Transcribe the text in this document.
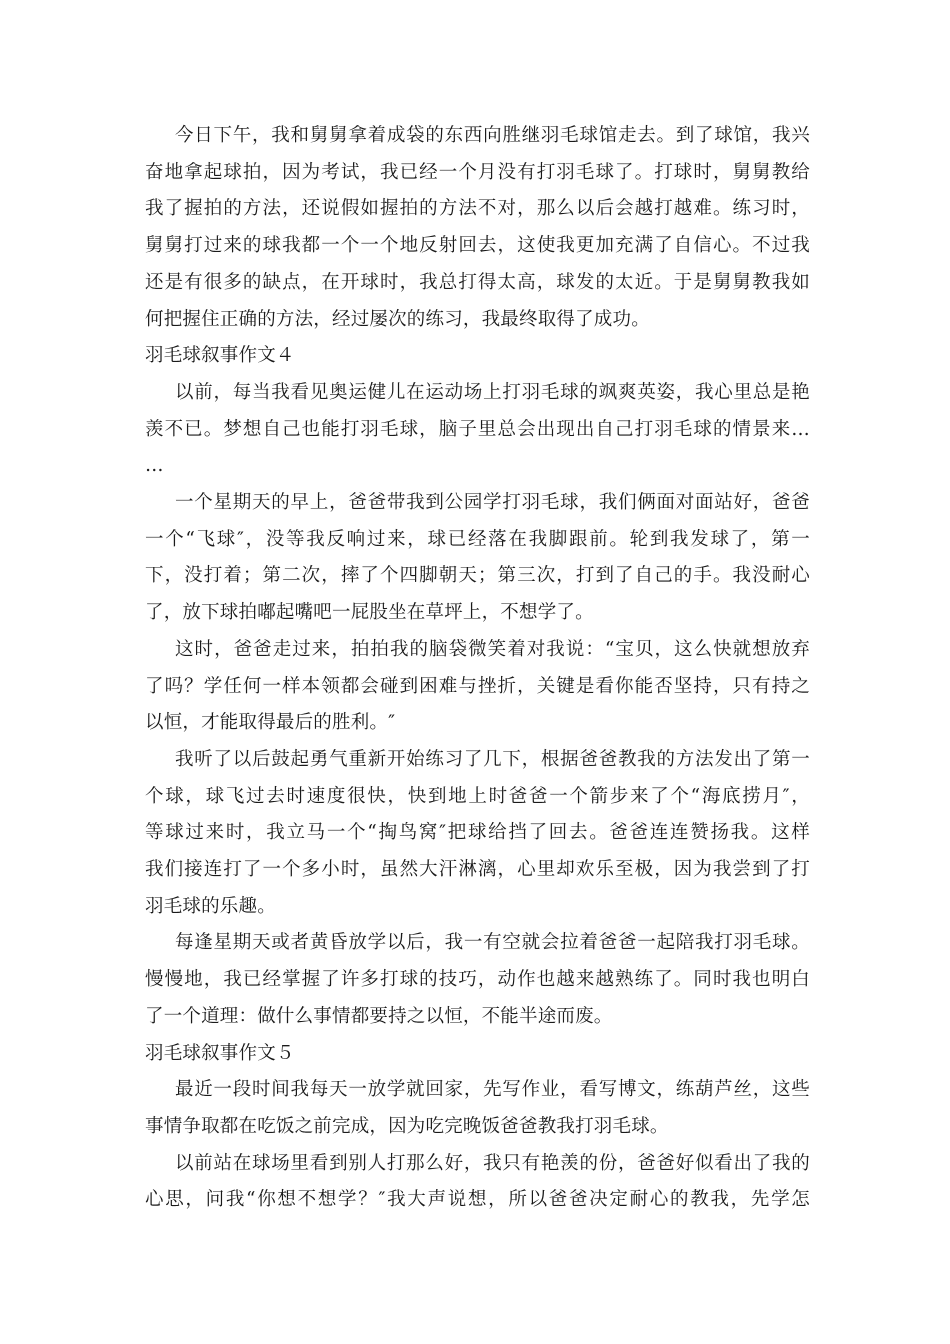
今日下午，我和舅舅拿着成袋的东西向胜继羽毛球馆走去。到了球馆，我兴

奋地拿起球拍，因为考试，我已经一个月没有打羽毛球了。打球时，舅舅教给

我了握拍的方法，还说假如握拍的方法不对，那么以后会越打越难。练习时，

舅舅打过来的球我都一个一个地反射回去，这使我更加充满了自信心。不过我

还是有很多的缺点，在开球时，我总打得太高，球发的太近。于是舅舅教我如

何把握住正确的方法，经过屡次的练习，我最终取得了成功。

羽毛球叙事作文４

以前，每当我看见奥运健儿在运动场上打羽毛球的飒爽英姿，我心里总是艳

羡不已。梦想自己也能打羽毛球，脑子里总会出现出自己打羽毛球的情景来…

…

一个星期天的早上，爸爸带我到公园学打羽毛球，我们俩面对面站好，爸爸

一个“飞球″，没等我反响过来，球已经落在我脚跟前。轮到我发球了，第一

下，没打着；第二次，摔了个四脚朝天；第三次，打到了自己的手。我没耐心

了，放下球拍嘟起嘴吧一屁股坐在草坪上，不想学了。

这时，爸爸走过来，拍拍我的脑袋微笑着对我说：“宝贝，这么快就想放弃

了吗？学任何一样本领都会碰到困难与挫折，关键是看你能否坚持，只有持之

以恒，才能取得最后的胜利。″

我听了以后鼓起勇气重新开始练习了几下，根据爸爸教我的方法发出了第一

个球，球飞过去时速度很快，快到地上时爸爸一个箭步来了个“海底捞月″，

等球过来时，我立马一个“掏鸟窝″把球给挡了回去。爸爸连连赞扬我。这样

我们接连打了一个多小时，虽然大汗淋漓，心里却欢乐至极，因为我尝到了打

羽毛球的乐趣。

每逢星期天或者黄昏放学以后，我一有空就会拉着爸爸一起陪我打羽毛球。

慢慢地，我已经掌握了许多打球的技巧，动作也越来越熟练了。同时我也明白

了一个道理：做什么事情都要持之以恒，不能半途而废。

羽毛球叙事作文５

最近一段时间我每天一放学就回家，先写作业，看写博文，练葫芦丝，这些

事情争取都在吃饭之前完成，因为吃完晚饭爸爸教我打羽毛球。

以前站在球场里看到别人打那么好，我只有艳羡的份，爸爸好似看出了我的

心思，问我“你想不想学？″我大声说想，所以爸爸决定耐心的教我，先学怎
